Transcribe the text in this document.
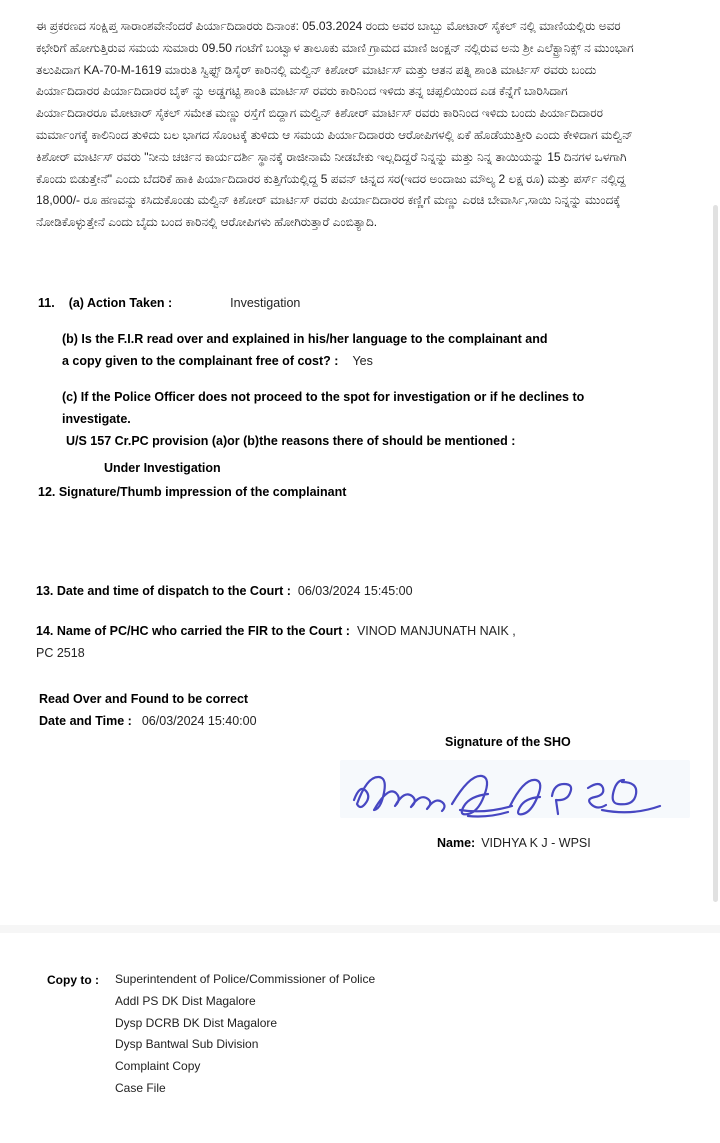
ಈ ಪ್ರಕರಣದ ಸಂಕ್ಷಿಪ್ತ ಸಾರಾಂಶವೇನೆಂದರೆ ಪಿರ್ಯಾದಿದಾರರು ದಿನಾಂಕ: 05.03.2024 ರಂದು ಅವರ ಬಾಬ್ಬು ಮೋಟಾರ್ ಸೈಕಲ್ ನಲ್ಲಿ ಮಾಣಿಯಲ್ಲಿರು ಅವರ ಕಛೇರಿಗೆ ಹೋಗುತ್ತಿರುವ ಸಮಯ ಸುಮಾರು 09.50 ಗಂಟೆಗೆ ಬಂಟ್ವಾಳ ತಾಲೂಕು ಮಾಣಿ ಗ್ರಾಮದ ಮಾಣಿ ಜಂಕ್ಷನ್ ನಲ್ಲಿರುವ ಅನು ಶ್ರೀ ಎಲೆಕ್ಟ್ರಾನಿಕ್ಸ್ ನ ಮುಂಭಾಗ ತಲುಪಿದಾಗ KA-70-M-1619 ಮಾರುತಿ ಸ್ವಿಫ್ಟ್ ಡಿಸೈರ್ ಕಾರಿನಲ್ಲಿ ಮಲ್ವಿನ್ ಕಿಶೋರ್ ಮಾರ್ಟಿಸ್ ಮತ್ತು ಆತನ ಪತ್ನಿ ಶಾಂತಿ ಮಾರ್ಟಿಸ್ ರವರು ಬಂದು ಪಿರ್ಯಾದಿದಾರರ ಪಿರ್ಯಾದಿದಾರರ ಬೈಕ್ ನ್ನು ಅಡ್ಡಗಟ್ಟಿ ಶಾಂತಿ ಮಾರ್ಟಿಸ್ ರವರು ಕಾರಿನಿಂದ ಇಳಿದು ತನ್ನ ಚಪ್ಪಲಿಯಿಂದ ಎಡ ಕೆನ್ನೆಗೆ ಬಾರಿಸಿದಾಗ ಪಿರ್ಯಾದಿದಾರರೂ ಮೋಟಾರ್ ಸೈಕಲ್ ಸಮೇತ ಮಣ್ಣು ರಸ್ತೆಗೆ ಬಿದ್ದಾಗ ಮಲ್ವಿನ್ ಕಿಶೋರ್ ಮಾರ್ಟಿಸ್ ರವರು ಕಾರಿನಿಂದ ಇಳಿದು ಬಂದು ಪಿರ್ಯಾದಿದಾರರ ಮರ್ಮಾಂಗಕ್ಕೆ ಕಾಲಿನಿಂದ ತುಳಿದು ಬಲ ಭಾಗದ ಸೊಂಟಕ್ಕೆ ತುಳಿದು ಆ ಸಮಯ ಪಿರ್ಯಾದಿದಾರರು ಆರೋಪಿಗಳಲ್ಲಿ ಏಕೆ ಹೊಡೆಯುತ್ತೀರಿ ಎಂದು ಕೇಳಿದಾಗ ಮಲ್ವಿನ್ ಕಿಶೋರ್ ಮಾರ್ಟಿಸ್ ರವರು "ನೀನು ಚರ್ಚಿನ ಕಾರ್ಯದರ್ಶಿ ಸ್ಥಾನಕ್ಕೆ ರಾಜೀನಾಮೆ ನೀಡಬೇಕು ಇಲ್ಲದಿದ್ದರೆ ನಿನ್ನನ್ನು ಮತ್ತು ನಿನ್ನ ತಾಯಿಯನ್ನು 15 ದಿನಗಳ ಒಳಗಾಗಿ ಕೊಂದು ಬಿಡುತ್ತೇನೆ" ಎಂದು ಬೆದರಿಕೆ ಹಾಕಿ ಪಿರ್ಯಾದಿದಾರರ ಕುತ್ತಿಗೆಯಲ್ಲಿದ್ದ 5 ಪವನ್ ಚಿನ್ನದ ಸರ(ಇದರ ಅಂದಾಜು ಮೌಲ್ಯ 2 ಲಕ್ಷ ರೂ) ಮತ್ತು ಪರ್ಸ್ ನಲ್ಲಿದ್ದ 18,000/- ರೂ ಹಣವನ್ನು ಕಸಿದುಕೊಂಡು ಮಲ್ವಿನ್ ಕಿಶೋರ್ ಮಾರ್ಟಿಸ್ ರವರು ಪಿರ್ಯಾದಿದಾರರ ಕಣ್ಣಿಗೆ ಮಣ್ಣು ಎರಚಿ ಬೇವಾರ್ಸಿ,ಸಾಯಿ ನಿನ್ನನ್ನು ಮುಂದಕ್ಕೆ ನೋಡಿಕೊಳ್ಳುತ್ತೇನೆ ಎಂದು ಬೈದು ಬಂದ ಕಾರಿನಲ್ಲಿ ಆರೋಪಿಗಳು ಹೋಗಿರುತ್ತಾರೆ ಎಂಬಿತ್ಯಾದಿ.
11. (a) Action Taken :	Investigation
(b) Is the F.I.R read over and explained in his/her language to the complainant and
a copy given to the complainant free of cost? : Yes
(c) If the Police Officer does not proceed to the spot for investigation or if he declines to
investigate.
U/S 157 Cr.PC provision (a)or (b)the reasons there of should be mentioned :
Under Investigation
12. Signature/Thumb impression of the complainant
13. Date and time of dispatch to the Court : 06/03/2024 15:45:00
14. Name of PC/HC who carried the FIR to the Court : VINOD MANJUNATH NAIK ,
PC 2518
Read Over and Found to be correct
Date and Time : 06/03/2024 15:40:00
Signature of the SHO
Name: VIDHYA K J - WPSI
Copy to : Superintendent of Police/Commissioner of Police
Addl PS DK Dist Magalore
Dysp DCRB DK Dist Magalore
Dysp Bantwal Sub Division
Complaint Copy
Case File
